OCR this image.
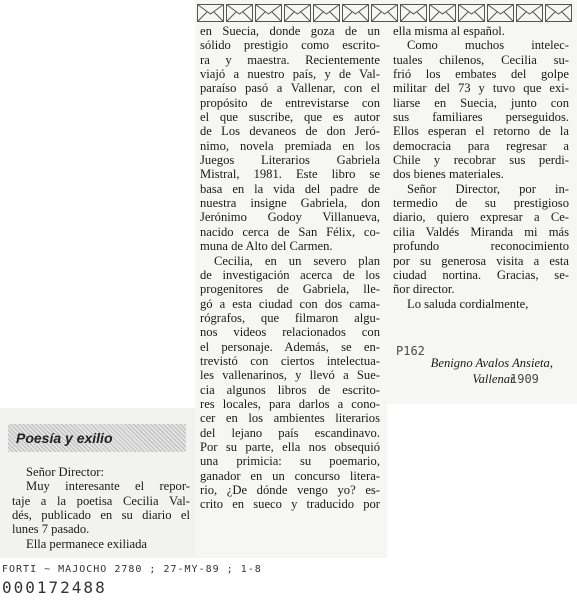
Poesía y exilio
en Suecia, donde goza de un
sólido prestigio como escrito-
ra y maestra. Recientemente
viajó a nuestro país, y de Val-
paraíso pasó a Vallenar, con el
propósito de entrevistarse con
el que suscribe, que es autor
de Los devaneos de don Jeró-
nimo, novela premiada en los
Juegos Literarios Gabriela
Mistral, 1981. Este libro se
basa en la vida del padre de
nuestra insigne Gabriela, don
Jerónimo Godoy Villanueva,
nacido cerca de San Félix, co-
muna de Alto del Carmen.
Cecilia, en un severo plan
de investigación acerca de los
progenitores de Gabriela, lle-
gó a esta ciudad con dos cama-
rógrafos, que filmaron algu-
nos videos relacionados con
el personaje. Además, se en-
trevistó con ciertos intelectua-
les vallenarinos, y llevó a Sue-
cia algunos libros de escrito-
res locales, para darlos a cono-
cer en los ambientes literarios
del lejano país escandinavo.
Por su parte, ella nos obsequió
una primicia: su poemario,
ganador en un concurso litera-
rio, ¿De dónde vengo yo? es-
crito en sueco y traducido por
ella misma al español.
Como muchos intelec-
tuales chilenos, Cecilia su-
frió los embates del golpe
militar del 73 y tuvo que exi-
liarse en Suecia, junto con
sus familiares perseguidos.
Ellos esperan el retorno de la
democracia para regresar a
Chile y recobrar sus perdi-
dos bienes materiales.
Señor Director, por in-
termedio de su prestigioso
diario, quiero expresar a Ce-
cilia Valdés Miranda mi más
profundo reconocimiento
por su generosa visita a esta
ciudad nortina. Gracias, se-
ñor director.
Lo saluda cordialmente,
Señor Director:
Muy interesante el repor-
taje a la poetisa Cecilia Val-
dés, publicado en su diario el
lunes 7 pasado.
Ella permanece exiliada
Benigno Avalos Ansieta,
Vallenar
P162
1909
FORTI ~ MAJOCHO 2780 ; 27-MY-89 ; 1-8
000172488
